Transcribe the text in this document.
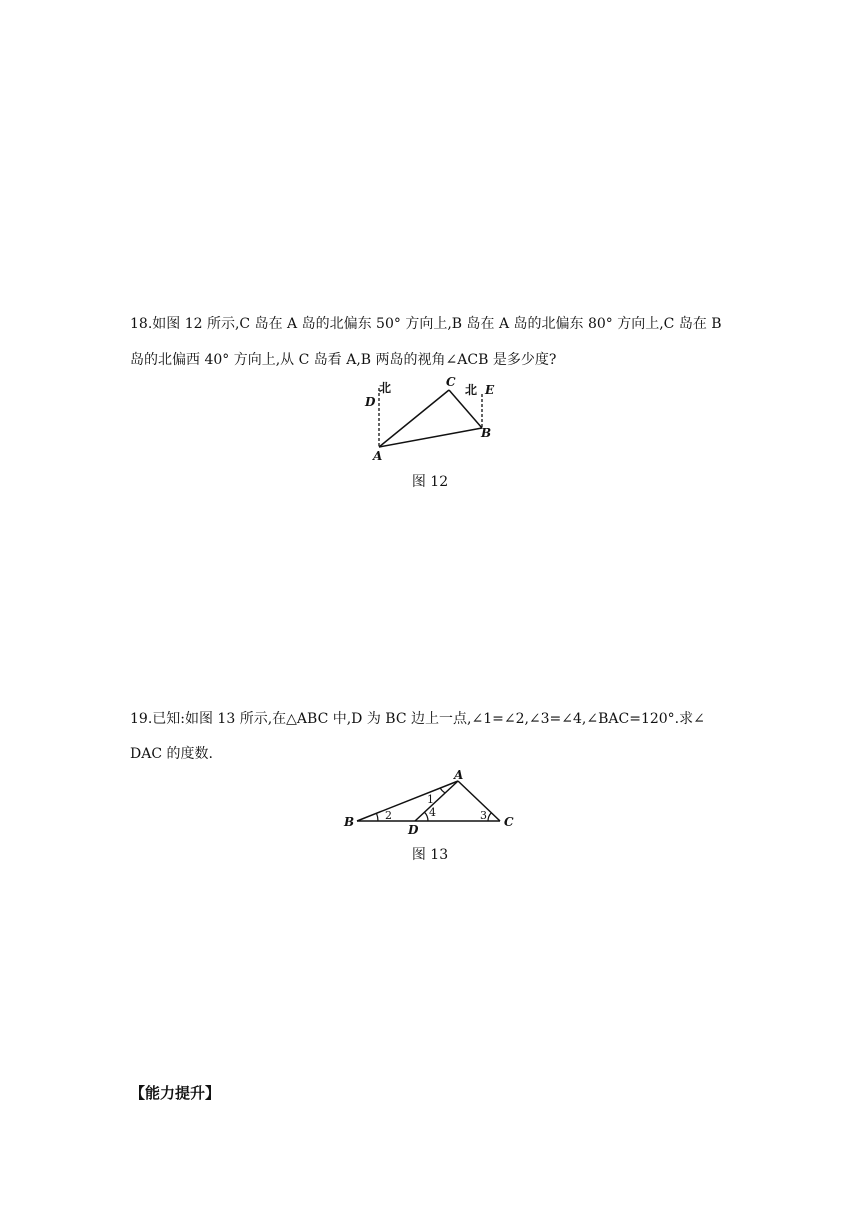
18.如图 12 所示,C 岛在 A 岛的北偏东 50° 方向上,B 岛在 A 岛的北偏东 80° 方向上,C 岛在 B
岛的北偏西 40° 方向上,从 C 岛看 A,B 两岛的视角∠ACB 是多少度?
北
D
C
北 E
B
A
图 12
19.已知:如图 13 所示,在△ABC 中,D 为 BC 边上一点,∠1=∠2,∠3=∠4,∠BAC=120°.求∠
DAC 的度数.
A
B	C
D
1
2	3
4
图 13
【能力提升】
